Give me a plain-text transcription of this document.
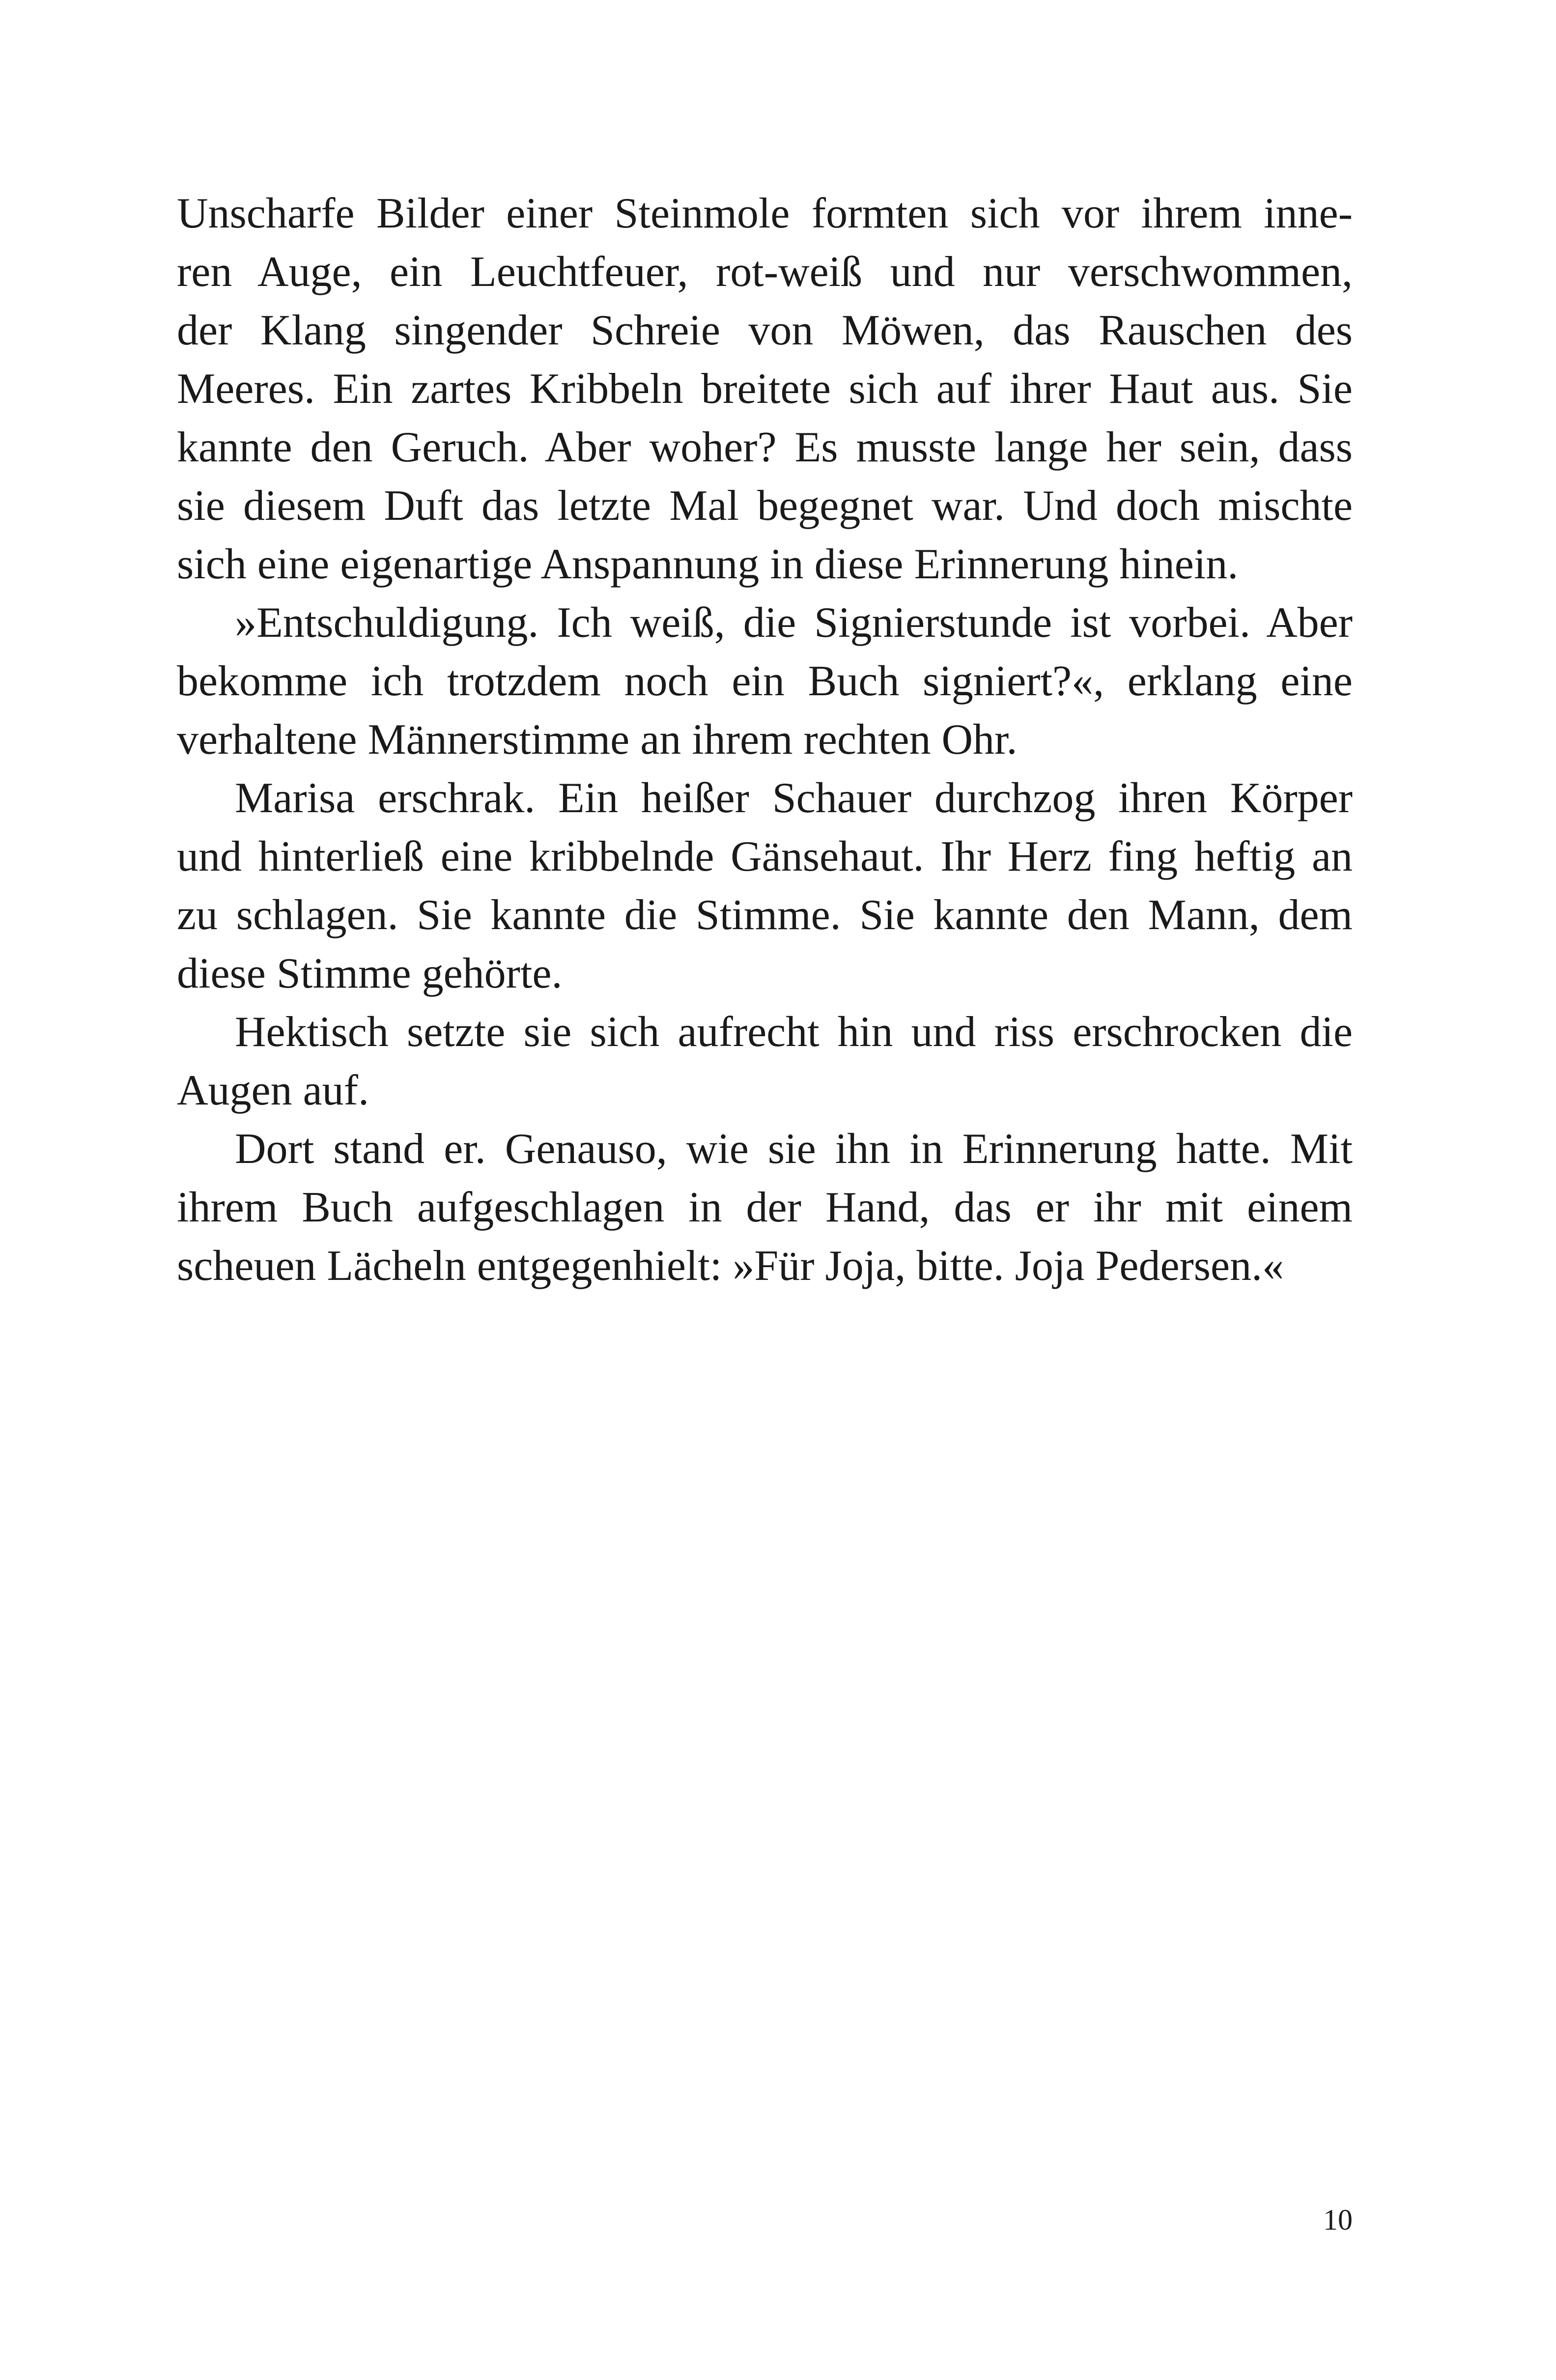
Unscharfe Bilder einer Steinmole formten sich vor ihrem inne-
ren Auge, ein Leuchtfeuer, rot-weiß und nur verschwommen,
der Klang singender Schreie von Möwen, das Rauschen des
Meeres. Ein zartes Kribbeln breitete sich auf ihrer Haut aus. Sie
kannte den Geruch. Aber woher? Es musste lange her sein, dass
sie diesem Duft das letzte Mal begegnet war. Und doch mischte
sich eine eigenartige Anspannung in diese Erinnerung hinein.
»Entschuldigung. Ich weiß, die Signierstunde ist vorbei. Aber
bekomme ich trotzdem noch ein Buch signiert?«, erklang eine
verhaltene Männerstimme an ihrem rechten Ohr.
Marisa erschrak. Ein heißer Schauer durchzog ihren Körper
und hinterließ eine kribbelnde Gänsehaut. Ihr Herz fing heftig an
zu schlagen. Sie kannte die Stimme. Sie kannte den Mann, dem
diese Stimme gehörte.
Hektisch setzte sie sich aufrecht hin und riss erschrocken die
Augen auf.
Dort stand er. Genauso, wie sie ihn in Erinnerung hatte. Mit
ihrem Buch aufgeschlagen in der Hand, das er ihr mit einem
scheuen Lächeln entgegenhielt: »Für Joja, bitte. Joja Pedersen.«
10
